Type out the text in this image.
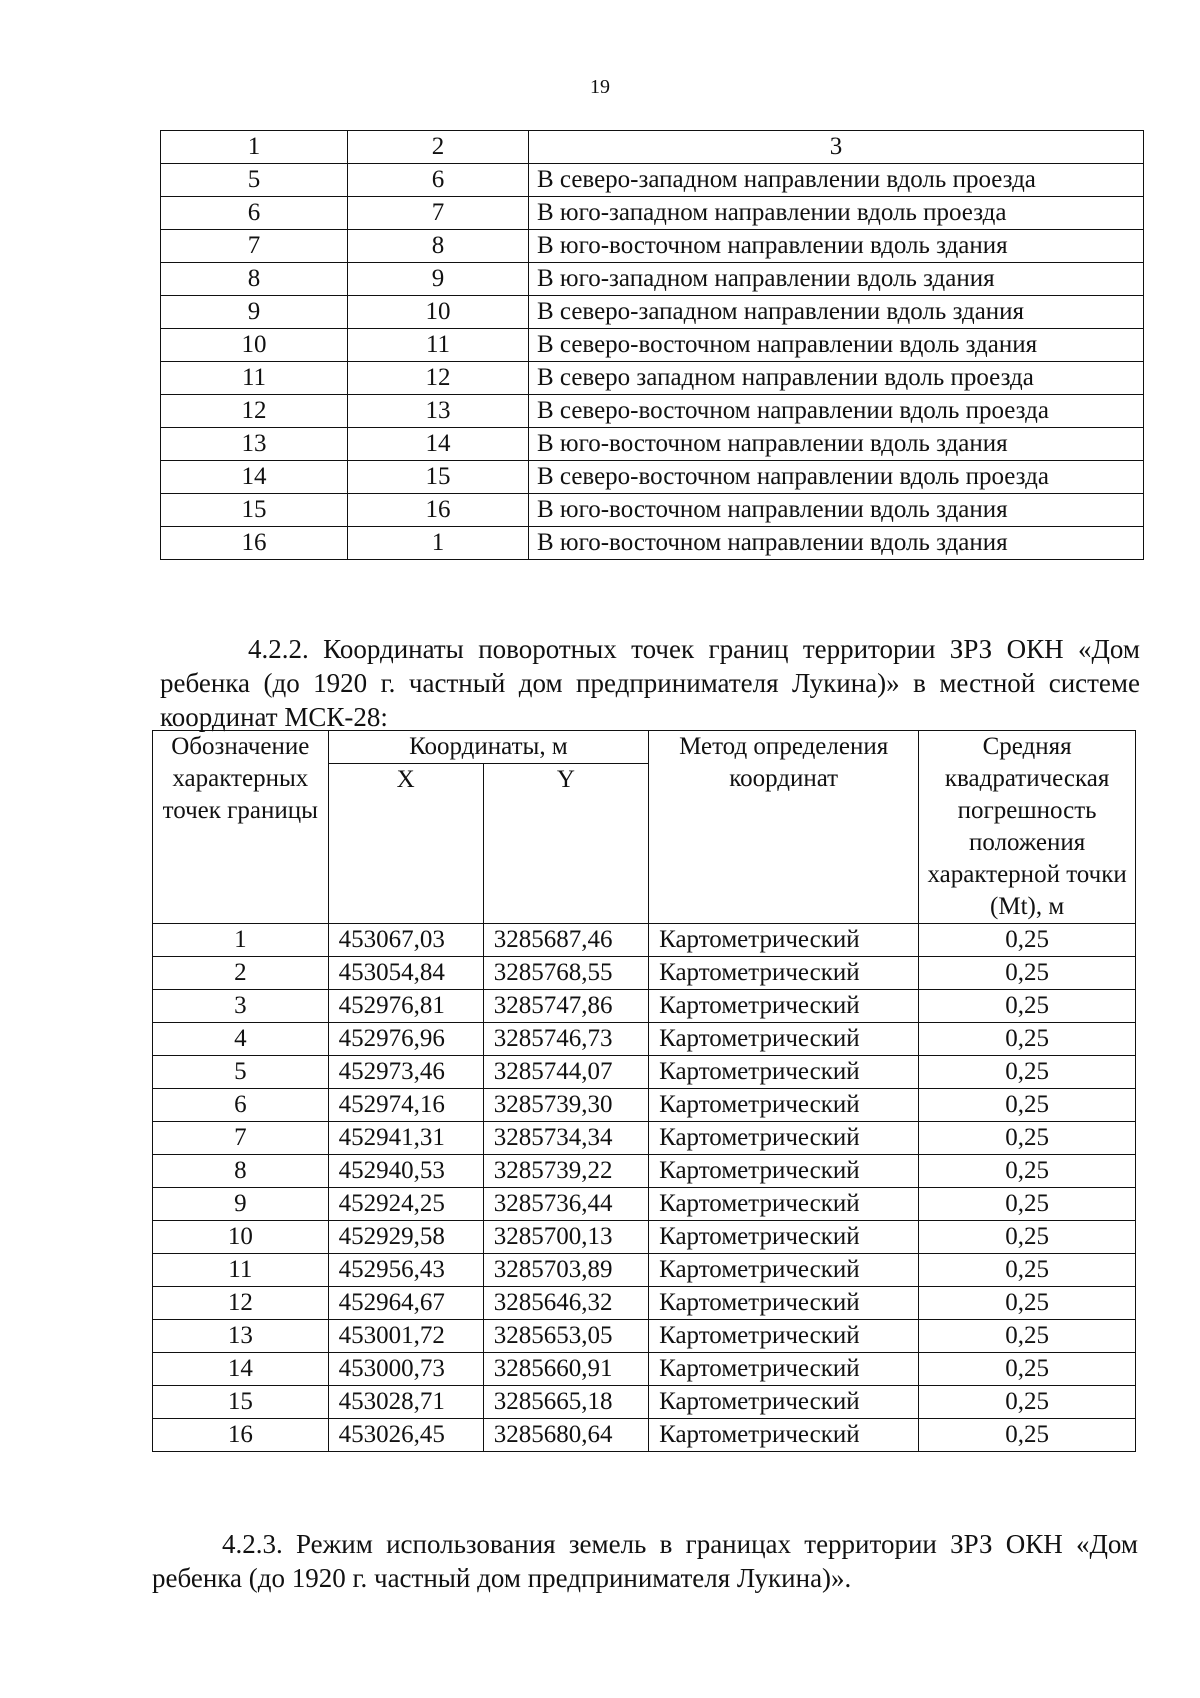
19
1	2	3
5	6	В северо-западном направлении вдоль проезда
6	7	В юго-западном направлении вдоль проезда
7	8	В юго-восточном направлении вдоль здания
8	9	В юго-западном направлении вдоль здания
9	10	В северо-западном направлении вдоль здания
10	11	В северо-восточном направлении вдоль здания
11	12	В северо западном направлении вдоль проезда
12	13	В северо-восточном направлении вдоль проезда
13	14	В юго-восточном направлении вдоль здания
14	15	В северо-восточном направлении вдоль проезда
15	16	В юго-восточном направлении вдоль здания
16	1	В юго-восточном направлении вдоль здания

4.2.2. Координаты поворотных точек границ территории ЗРЗ ОКН «Дом ребенка (до 1920 г. частный дом предпринимателя Лукина)» в местной системе координат МСК-28:

Обозначение характерных точек границы	Координаты, м		Метод определения координат	Средняя квадратическая погрешность положения характерной точки (Mt), м
	X	Y		
1	453067,03	3285687,46	Картометрический	0,25
2	453054,84	3285768,55	Картометрический	0,25
3	452976,81	3285747,86	Картометрический	0,25
4	452976,96	3285746,73	Картометрический	0,25
5	452973,46	3285744,07	Картометрический	0,25
6	452974,16	3285739,30	Картометрический	0,25
7	452941,31	3285734,34	Картометрический	0,25
8	452940,53	3285739,22	Картометрический	0,25
9	452924,25	3285736,44	Картометрический	0,25
10	452929,58	3285700,13	Картометрический	0,25
11	452956,43	3285703,89	Картометрический	0,25
12	452964,67	3285646,32	Картометрический	0,25
13	453001,72	3285653,05	Картометрический	0,25
14	453000,73	3285660,91	Картометрический	0,25
15	453028,71	3285665,18	Картометрический	0,25
16	453026,45	3285680,64	Картометрический	0,25

4.2.3. Режим использования земель в границах территории ЗРЗ ОКН «Дом ребенка (до 1920 г. частный дом предпринимателя Лукина)».
